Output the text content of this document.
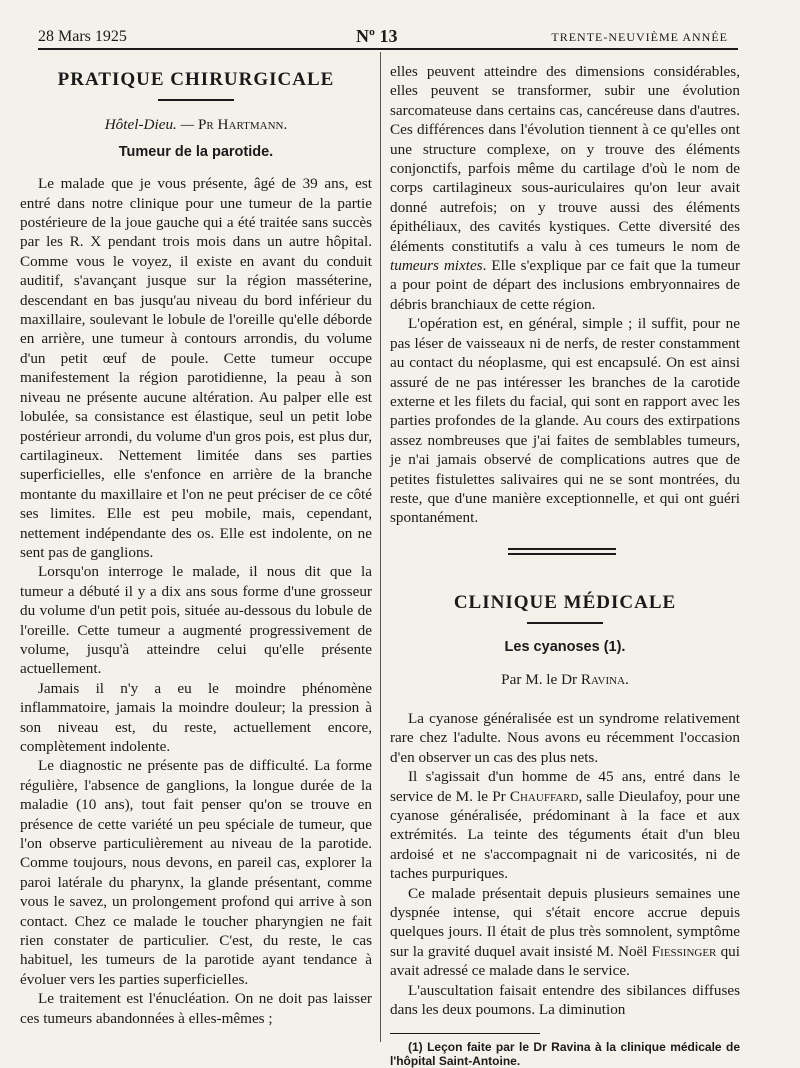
28 Mars 1925	Nº 13	TRENTE-NEUVIÈME ANNÉE
PRATIQUE CHIRURGICALE
Hôtel-Dieu. — Pr Hartmann.
Tumeur de la parotide.

Le malade que je vous présente, âgé de 39 ans, est entré dans notre clinique pour une tumeur de la partie postérieure de la joue gauche qui a été traitée sans succès par les R. X pendant trois mois dans un autre hôpital. Comme vous le voyez, il existe en avant du conduit auditif, s'avançant jusque sur la région masséterine, descendant en bas jusqu'au niveau du bord inférieur du maxillaire, soulevant le lobule de l'oreille qu'elle déborde en arrière, une tumeur à contours arrondis, du volume d'un petit œuf de poule. Cette tumeur occupe manifestement la région parotidienne, la peau à son niveau ne présente aucune altération. Au palper elle est lobulée, sa consistance est élastique, seul un petit lobe postérieur arrondi, du volume d'un gros pois, est plus dur, cartilagineux. Nettement limitée dans ses parties superficielles, elle s'enfonce en arrière de la branche montante du maxillaire et l'on ne peut préciser de ce côté ses limites. Elle est peu mobile, mais, cependant, nettement indépendante des os. Elle est indolente, on ne sent pas de ganglions.

Lorsqu'on interroge le malade, il nous dit que la tumeur a débuté il y a dix ans sous forme d'une grosseur du volume d'un petit pois, située au-dessous du lobule de l'oreille. Cette tumeur a augmenté progressivement de volume, jusqu'à atteindre celui qu'elle présente actuellement.

Jamais il n'y a eu le moindre phénomène inflammatoire, jamais la moindre douleur; la pression à son niveau est, du reste, actuellement encore, complètement indolente.

Le diagnostic ne présente pas de difficulté. La forme régulière, l'absence de ganglions, la longue durée de la maladie (10 ans), tout fait penser qu'on se trouve en présence de cette variété un peu spéciale de tumeur, que l'on observe particulièrement au niveau de la parotide. Comme toujours, nous devons, en pareil cas, explorer la paroi latérale du pharynx, la glande présentant, comme vous le savez, un prolongement profond qui arrive à son contact. Chez ce malade le toucher pharyngien ne fait rien constater de particulier. C'est, du reste, le cas habituel, les tumeurs de la parotide ayant tendance à évoluer vers les parties superficielles.

Le traitement est l'énucléation. On ne doit pas laisser ces tumeurs abandonnées à elles-mêmes ;

elles peuvent atteindre des dimensions considérables, elles peuvent se transformer, subir une évolution sarcomateuse dans certains cas, cancéreuse dans d'autres. Ces différences dans l'évolution tiennent à ce qu'elles ont une structure complexe, on y trouve des éléments conjonctifs, parfois même du cartilage d'où le nom de corps cartilagineux sous-auriculaires qu'on leur avait donné autrefois; on y trouve aussi des éléments épithéliaux, des cavités kystiques. Cette diversité des éléments constitutifs a valu à ces tumeurs le nom de tumeurs mixtes. Elle s'explique par ce fait que la tumeur a pour point de départ des inclusions embryonnaires de débris branchiaux de cette région.

L'opération est, en général, simple ; il suffit, pour ne pas léser de vaisseaux ni de nerfs, de rester constamment au contact du néoplasme, qui est encapsulé. On est ainsi assuré de ne pas intéresser les branches de la carotide externe et les filets du facial, qui sont en rapport avec les parties profondes de la glande. Au cours des extirpations assez nombreuses que j'ai faites de semblables tumeurs, je n'ai jamais observé de complications autres que de petites fistulettes salivaires qui ne se sont montrées, du reste, que d'une manière exceptionnelle, et qui ont guéri spontanément.

CLINIQUE MÉDICALE
Les cyanoses (1).
Par M. le Dr Ravina.

La cyanose généralisée est un syndrome relativement rare chez l'adulte. Nous avons eu récemment l'occasion d'en observer un cas des plus nets.

Il s'agissait d'un homme de 45 ans, entré dans le service de M. le Pr Chauffard, salle Dieulafoy, pour une cyanose généralisée, prédominant à la face et aux extrémités. La teinte des téguments était d'un bleu ardoisé et ne s'accompagnait ni de varicosités, ni de taches purpuriques.

Ce malade présentait depuis plusieurs semaines une dyspnée intense, qui s'était encore accrue depuis quelques jours. Il était de plus très somnolent, symptôme sur la gravité duquel avait insisté M. Noël Fiessinger qui avait adressé ce malade dans le service.

L'auscultation faisait entendre des sibilances diffuses dans les deux poumons. La diminution

(1) Leçon faite par le Dr Ravina à la clinique médicale de l'hôpital Saint-Antoine.
